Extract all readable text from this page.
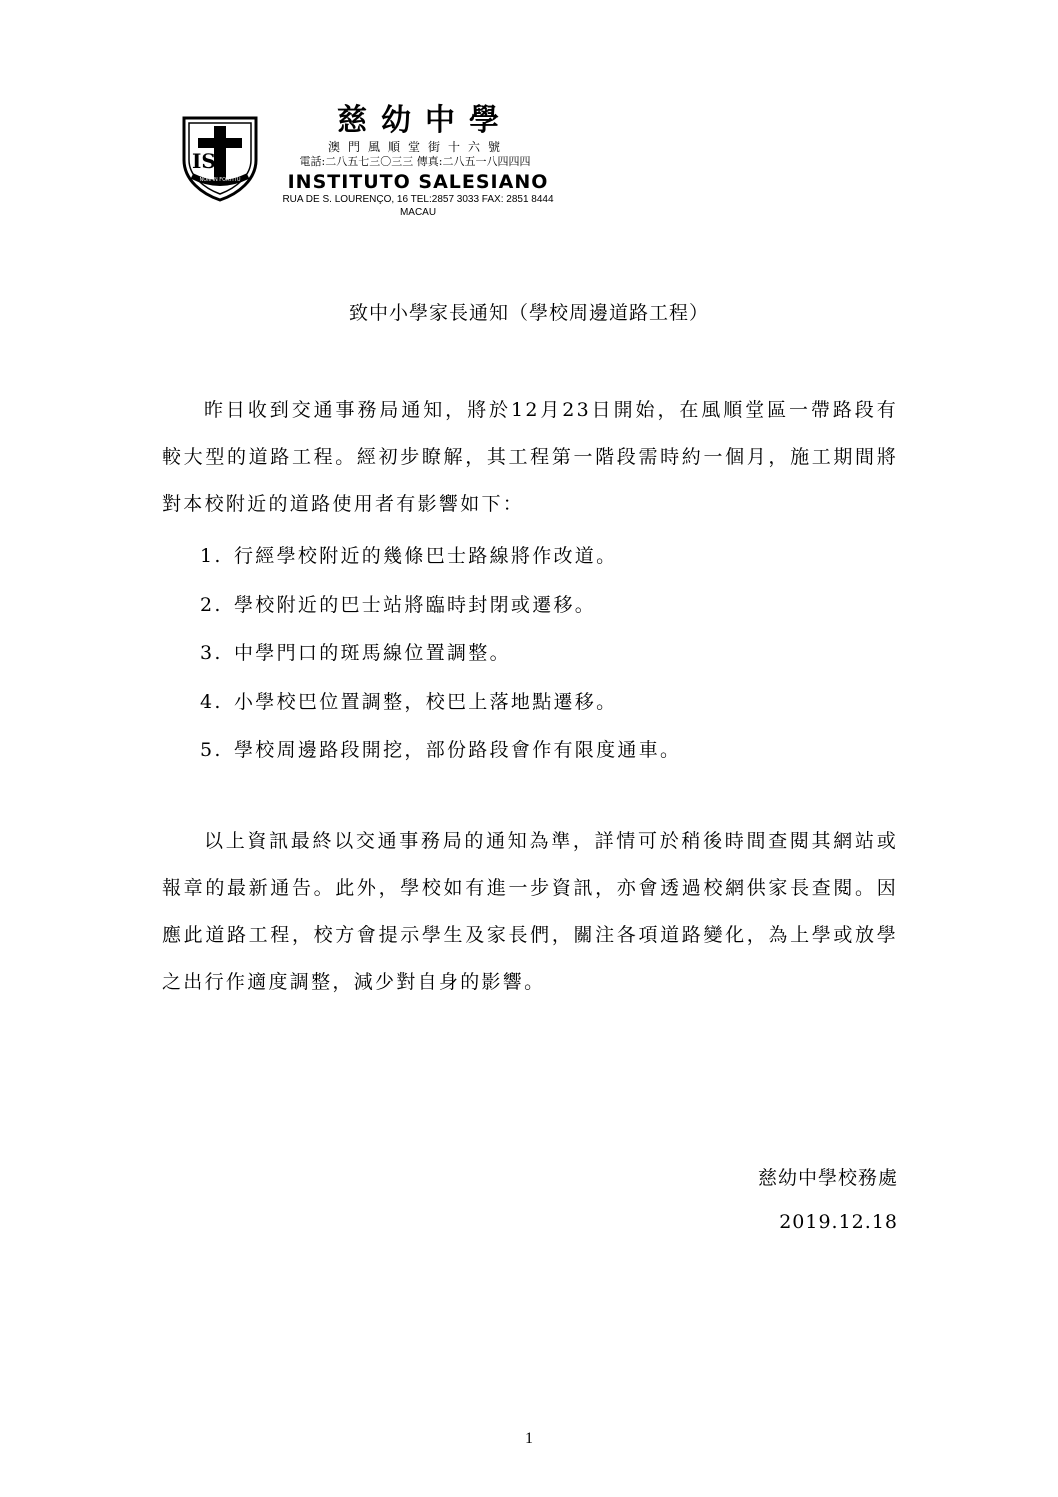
IS
NON IN FORTITU
慈幼中學
澳門風順堂街十六號
電話:二八五七三〇三三 傳真:二八五一八四四四
INSTITUTO SALESIANO
RUA DE S. LOURENÇO, 16 TEL:2857 3033 FAX: 2851 8444
MACAU
致中小學家長通知（學校周邊道路工程）

昨日收到交通事務局通知，將於12月23日開始，在風順堂區一帶路段有較大型的道路工程。經初步瞭解，其工程第一階段需時約一個月，施工期間將對本校附近的道路使用者有影響如下：

1. 行經學校附近的幾條巴士路線將作改道。
2. 學校附近的巴士站將臨時封閉或遷移。
3. 中學門口的斑馬線位置調整。
4. 小學校巴位置調整，校巴上落地點遷移。
5. 學校周邊路段開挖，部份路段會作有限度通車。

以上資訊最終以交通事務局的通知為準，詳情可於稍後時間查閱其網站或報章的最新通告。此外，學校如有進一步資訊，亦會透過校網供家長查閱。因應此道路工程，校方會提示學生及家長們，關注各項道路變化，為上學或放學之出行作適度調整，減少對自身的影響。

慈幼中學校務處
2019.12.18
1
